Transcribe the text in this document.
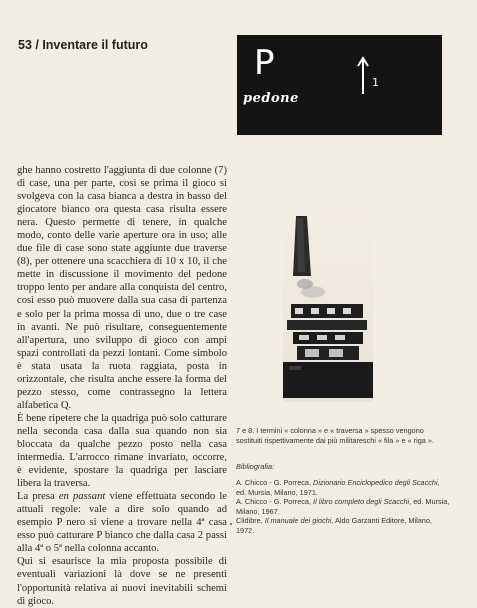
53 / Inventare il futuro	P
pedone
1

ghe hanno costretto l'aggiunta di due colonne (7) di case, una per parte, così se prima il gioco si svolgeva con la casa bianca a destra in basso del giocatore bianco ora questa casa risulta essere nera. Questo permette di tenere, in qualche modo, conto delle varie aperture ora in uso; alle due file di case sono state aggiunte due traverse (8), per ottenere una scacchiera di 10 x 10, il che mette in discussione il movimento del pedone troppo lento per andare alla conquista del centro, così esso può muovere dalla sua casa di partenza e solo per la prima mossa di uno, due o tre case in avanti. Ne può risultare, conseguentemente all'apertura, uno sviluppo di gioco con ampi spazi controllati da pezzi lontani. Come simbolo è stata usata la ruota raggiata, posta in orizzontale, che risulta anche essere la forma del pezzo stesso, come contrassegno la lettera alfabetica Q.

È bene ripetere che la quadriga può solo catturare nella seconda casa dalla sua quando non sia bloccata da qualche pezzo posto nella casa intermedia. L'arrocco rimane invariato, occorre, è evidente, spostare la quadriga per lasciare libera la traversa.

La presa en passant viene effettuata secondo le attuali regole: vale a dire solo quando ad esempio P nero si viene a trovare nella 4ª casa esso può catturare P bianco che dalla casa 2 passi alla 4ª o 5ª nella colonna accanto.

Qui si esaurisce la mia proposta possibile di eventuali variazioni là dove se ne presenti l'opportunità relativa ai nuovi inevitabili schemi di gioco.

7 e 8. I termini « colonna » e « traversa » spesso vengono sostituiti rispettivamente dai più militareschi « fila » e « riga ».

Bibliografia:

A. Chicco - G. Porreca, Dizionario Enciclopedico degli Scacchi, ed. Mursia, Milano, 1971.

A. Chicco - G. Porreca, Il libro completo degli Scacchi, ed. Mursia, Milano, 1967.

Clidibre, Il manuale dei giochi, Aldo Garzanti Editore, Milano, 1972.
